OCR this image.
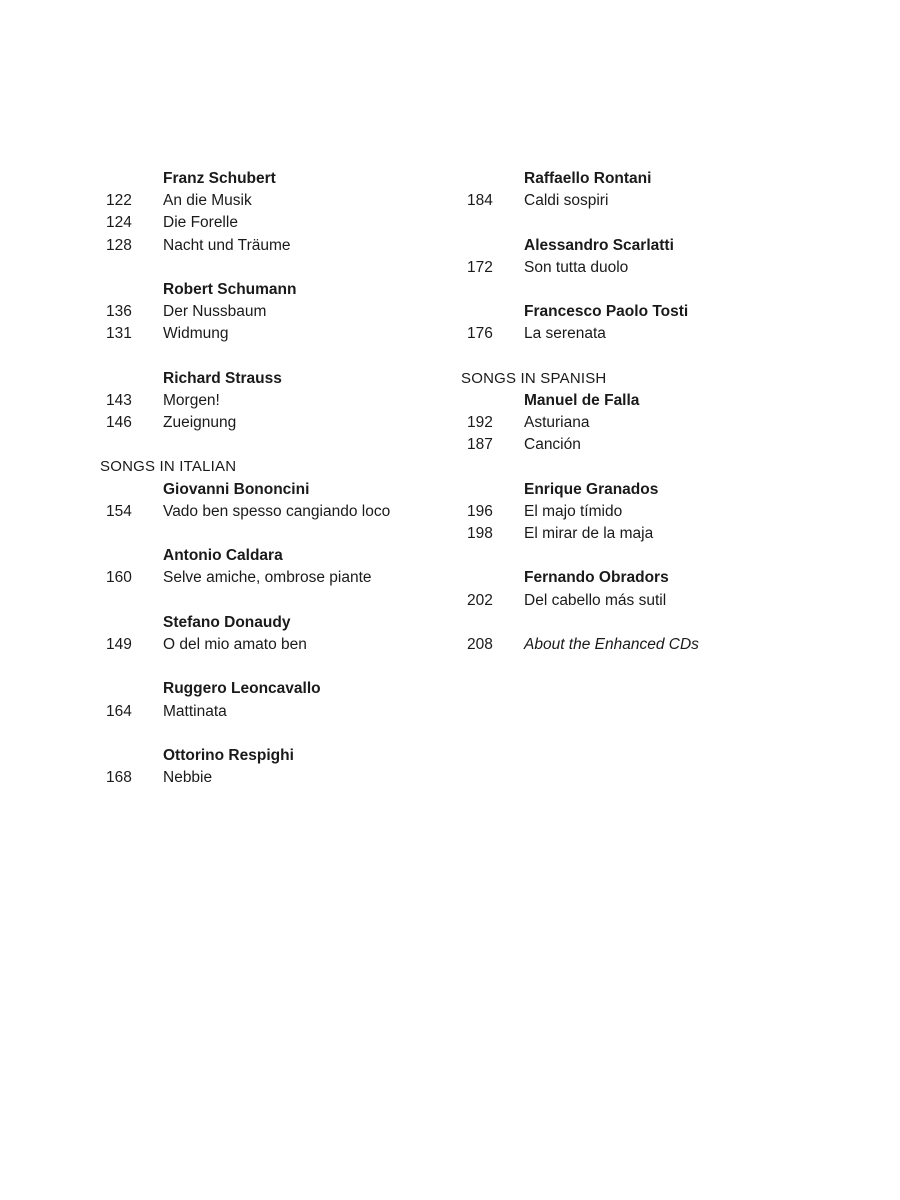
Franz Schubert
122	An die Musik
124	Die Forelle
128	Nacht und Träume
Robert Schumann
136	Der Nussbaum
131	Widmung
Richard Strauss
143	Morgen!
146	Zueignung
SONGS IN ITALIAN
Giovanni Bononcini
154	Vado ben spesso cangiando loco
Antonio Caldara
160	Selve amiche, ombrose piante
Stefano Donaudy
149	O del mio amato ben
Ruggero Leoncavallo
164	Mattinata
Ottorino Respighi
168	Nebbie
Raffaello Rontani
184	Caldi sospiri
Alessandro Scarlatti
172	Son tutta duolo
Francesco Paolo Tosti
176	La serenata
SONGS IN SPANISH
Manuel de Falla
192	Asturiana
187	Canción
Enrique Granados
196	El majo tímido
198	El mirar de la maja
Fernando Obradors
202	Del cabello más sutil
208	About the Enhanced CDs
